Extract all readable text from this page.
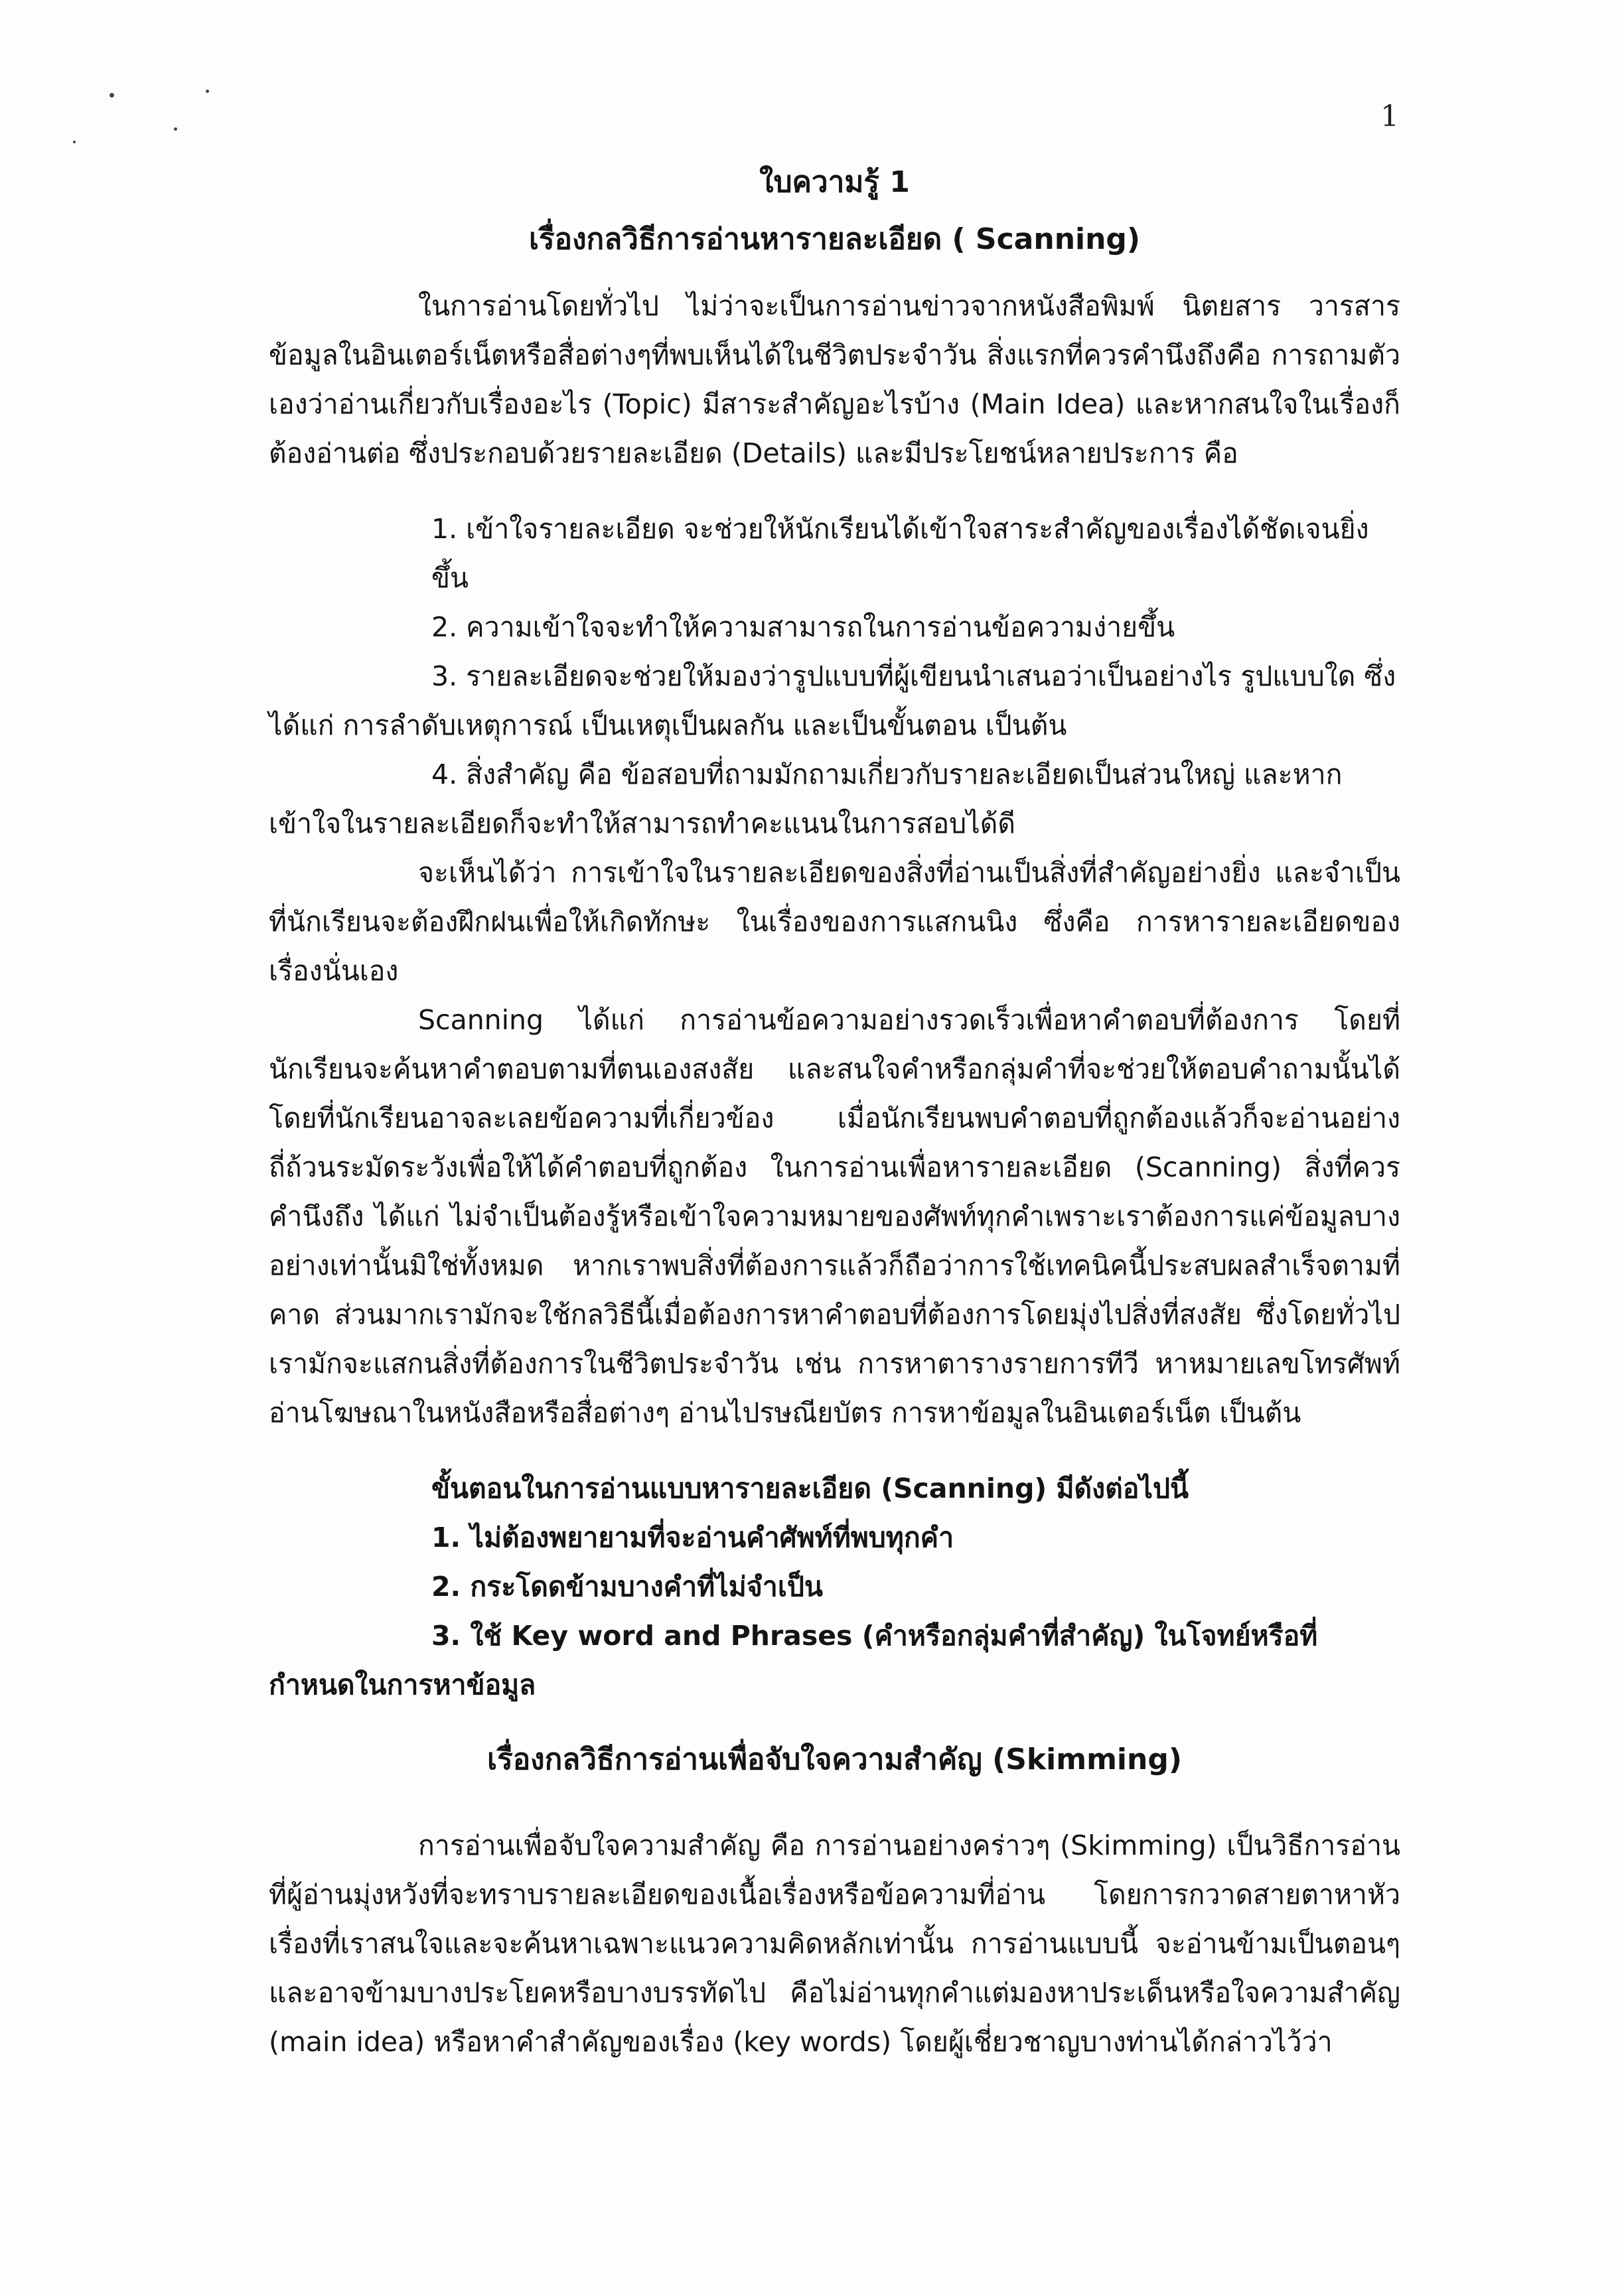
1
ใบความรู้ 1
เรื่องกลวิธีการอ่านหารายละเอียด ( Scanning)

ในการอ่านโดยทั่วไป ไม่ว่าจะเป็นการอ่านข่าวจากหนังสือพิมพ์ นิตยสาร วารสาร ข้อมูลในอินเตอร์เน็ตหรือสื่อต่างๆที่พบเห็นได้ในชีวิตประจำวัน สิ่งแรกที่ควรคำนึงถึงคือ การถามตัวเองว่าอ่านเกี่ยวกับเรื่องอะไร (Topic) มีสาระสำคัญอะไรบ้าง (Main Idea) และหากสนใจในเรื่องก็ต้องอ่านต่อ ซึ่งประกอบด้วยรายละเอียด (Details) และมีประโยชน์หลายประการ คือ

1. เข้าใจรายละเอียด จะช่วยให้นักเรียนได้เข้าใจสาระสำคัญของเรื่องได้ชัดเจนยิ่งขึ้น
2. ความเข้าใจจะทำให้ความสามารถในการอ่านข้อความง่ายขึ้น
3. รายละเอียดจะช่วยให้มองว่ารูปแบบที่ผู้เขียนนำเสนอว่าเป็นอย่างไร รูปแบบใด ซึ่งได้แก่ การลำดับเหตุการณ์ เป็นเหตุเป็นผลกัน และเป็นขั้นตอน เป็นต้น
4. สิ่งสำคัญ คือ ข้อสอบที่ถามมักถามเกี่ยวกับรายละเอียดเป็นส่วนใหญ่ และหากเข้าใจในรายละเอียดก็จะทำให้สามารถทำคะแนนในการสอบได้ดี

จะเห็นได้ว่า การเข้าใจในรายละเอียดของสิ่งที่อ่านเป็นสิ่งที่สำคัญอย่างยิ่ง และจำเป็นที่นักเรียนจะต้องฝึกฝนเพื่อให้เกิดทักษะ ในเรื่องของการแสกนนิง ซึ่งคือ การหารายละเอียดของเรื่องนั่นเอง

Scanning ได้แก่ การอ่านข้อความอย่างรวดเร็วเพื่อหาคำตอบที่ต้องการ โดยที่นักเรียนจะค้นหาคำตอบตามที่ตนเองสงสัย และสนใจคำหรือกลุ่มคำที่จะช่วยให้ตอบคำถามนั้นได้ โดยที่นักเรียนอาจละเลยข้อความที่เกี่ยวข้อง เมื่อนักเรียนพบคำตอบที่ถูกต้องแล้วก็จะอ่านอย่างถี่ถ้วนระมัดระวังเพื่อให้ได้คำตอบที่ถูกต้อง ในการอ่านเพื่อหารายละเอียด (Scanning) สิ่งที่ควรคำนึงถึง ได้แก่ ไม่จำเป็นต้องรู้หรือเข้าใจความหมายของศัพท์ทุกคำเพราะเราต้องการแค่ข้อมูลบางอย่างเท่านั้นมิใช่ทั้งหมด หากเราพบสิ่งที่ต้องการแล้วก็ถือว่าการใช้เทคนิคนี้ประสบผลสำเร็จตามที่คาด ส่วนมากเรามักจะใช้กลวิธีนี้เมื่อต้องการหาคำตอบที่ต้องการโดยมุ่งไปสิ่งที่สงสัย ซึ่งโดยทั่วไปเรามักจะแสกนสิ่งที่ต้องการในชีวิตประจำวัน เช่น การหาตารางรายการทีวี หาหมายเลขโทรศัพท์ อ่านโฆษณาในหนังสือหรือสื่อต่างๆ อ่านไปรษณียบัตร การหาข้อมูลในอินเตอร์เน็ต เป็นต้น

ขั้นตอนในการอ่านแบบหารายละเอียด (Scanning) มีดังต่อไปนี้
1. ไม่ต้องพยายามที่จะอ่านคำศัพท์ที่พบทุกคำ
2. กระโดดข้ามบางคำที่ไม่จำเป็น
3. ใช้ Key word and Phrases (คำหรือกลุ่มคำที่สำคัญ) ในโจทย์หรือที่กำหนดในการหาข้อมูล
เรื่องกลวิธีการอ่านเพื่อจับใจความสำคัญ (Skimming)

การอ่านเพื่อจับใจความสำคัญ คือ การอ่านอย่างคร่าวๆ (Skimming) เป็นวิธีการอ่านที่ผู้อ่านมุ่งหวังที่จะทราบรายละเอียดของเนื้อเรื่องหรือข้อความที่อ่าน โดยการกวาดสายตาหาหัวเรื่องที่เราสนใจและจะค้นหาเฉพาะแนวความคิดหลักเท่านั้น การอ่านแบบนี้ จะอ่านข้ามเป็นตอนๆ และอาจข้ามบางประโยคหรือบางบรรทัดไป คือไม่อ่านทุกคำแต่มองหาประเด็นหรือใจความสำคัญ (main idea) หรือหาคำสำคัญของเรื่อง (key words) โดยผู้เชี่ยวชาญบางท่านได้กล่าวไว้ว่า
